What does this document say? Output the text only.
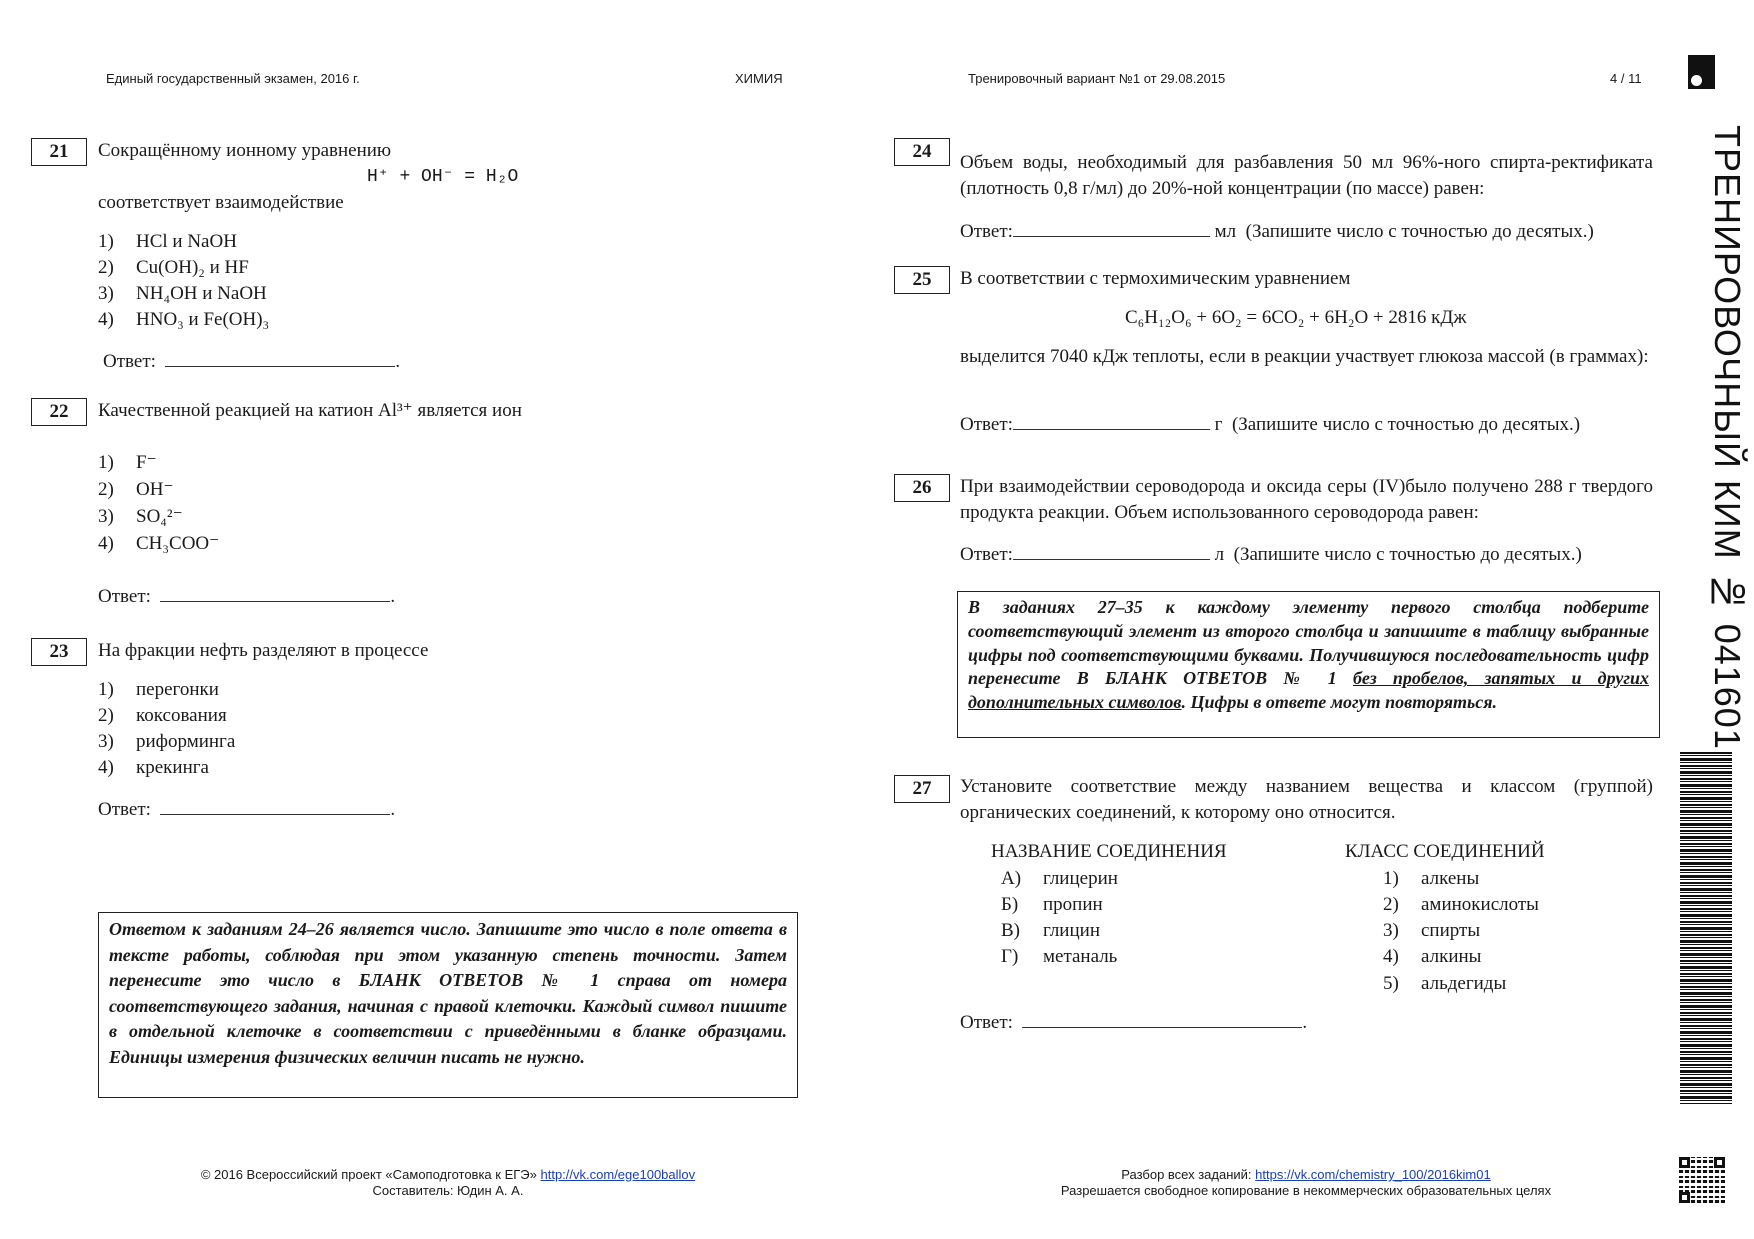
Единый государственный экзамен, 2016 г.	ХИМИЯ	Тренировочный вариант №1 от 29.08.2015	4 / 11
ТРЕНИРОВОЧНЫЙ КИМ № 041601
21	Сокращённому ионному уравнению
H⁺ + OH⁻ = H₂O
соответствует взаимодействие
1) HCl и NaOH
2) Cu(OH)₂ и HF
3) NH₄OH и NaOH
4) HNO₃ и Fe(OH)₃
Ответ:	.
22	Качественной реакцией на катион Al³⁺ является ион
1) F⁻
2) OH⁻
3) SO₄²⁻
4) CH₃COO⁻
Ответ:	.
23	На фракции нефть разделяют в процессе
1) перегонки
2) коксования
3) риформинга
4) крекинга
Ответ:	.
Ответом к заданиям 24–26 является число. Запишите это число в поле ответа в тексте работы, соблюдая при этом указанную степень точности. Затем перенесите это число в БЛАНК ОТВЕТОВ № 1 справа от номера соответствующего задания, начиная с правой клеточки. Каждый символ пишите в отдельной клеточке в соответствии с приведёнными в бланке образцами. Единицы измерения физических величин писать не нужно.
24
Объем воды, необходимый для разбавления 50 мл 96%-ного спирта-ректификата (плотность 0,8 г/мл) до 20%-ной концентрации (по массе) равен:
Ответ:	мл (Запишите число с точностью до десятых.)
25	В соответствии с термохимическим уравнением
C₆H₁₂O₆ + 6O₂ = 6CO₂ + 6H₂O + 2816 кДж
выделится 7040 кДж теплоты, если в реакции участвует глюкоза массой (в граммах):
Ответ:	г (Запишите число с точностью до десятых.)
26	При взаимодействии сероводорода и оксида серы (IV)было получено 288 г твердого продукта реакции. Объем использованного сероводорода равен:
Ответ:	л (Запишите число с точностью до десятых.)
В заданиях 27–35 к каждому элементу первого столбца подберите соответствующий элемент из второго столбца и запишите в таблицу выбранные цифры под соответствующими буквами. Получившуюся последовательность цифр перенесите В БЛАНК ОТВЕТОВ № 1 без пробелов, запятых и других дополнительных символов. Цифры в ответе могут повторяться.
27	Установите соответствие между названием вещества и классом (группой) органических соединений, к которому оно относится.
НАЗВАНИЕ СОЕДИНЕНИЯ	КЛАСС СОЕДИНЕНИЙ
А) глицерин
Б) пропин
В) глицин
Г) метаналь
1) алкены
2) аминокислоты
3) спирты
4) алкины
5) альдегиды
Ответ:	.
© 2016 Всероссийский проект «Самоподготовка к ЕГЭ» http://vk.com/ege100ballov
Составитель: Юдин А. А.
Разбор всех заданий: https://vk.com/chemistry_100/2016kim01
Разрешается свободное копирование в некоммерческих образовательных целях
